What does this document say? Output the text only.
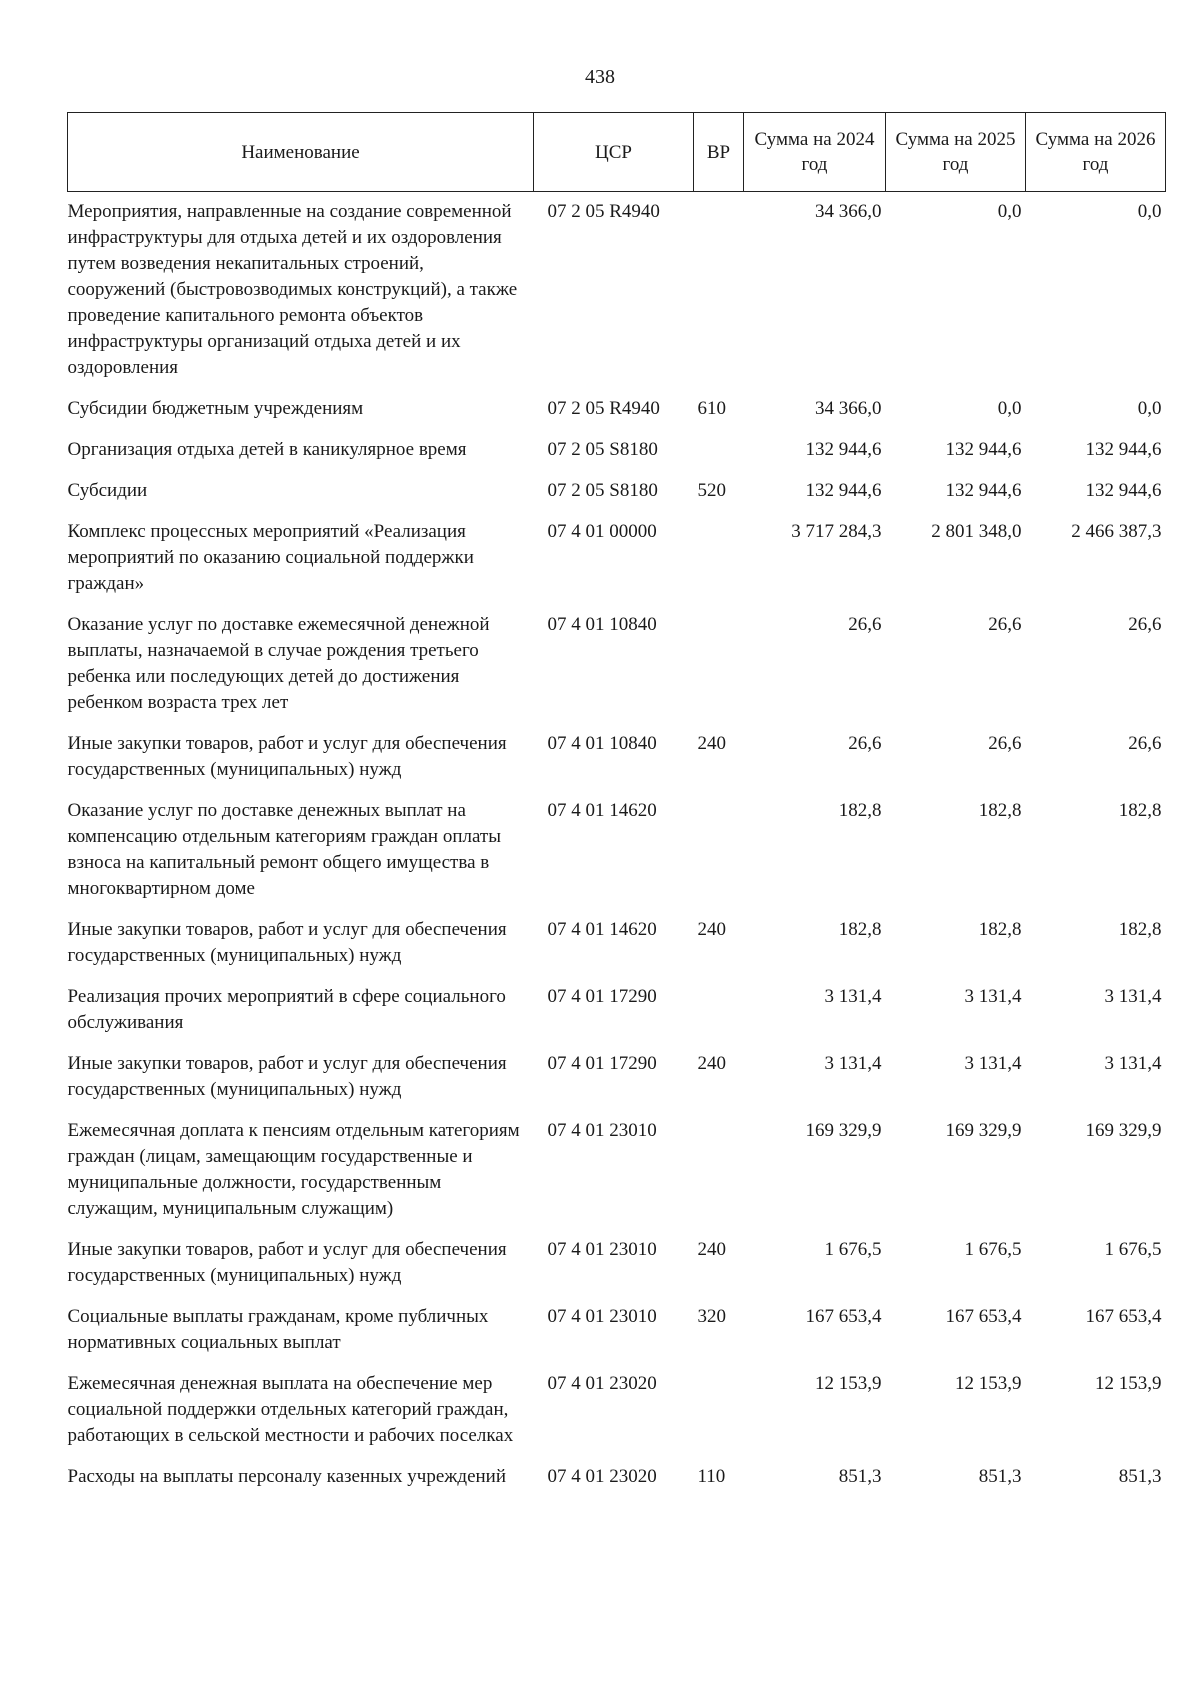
438
Наименование	ЦСР	ВР	Сумма на 2024 год	Сумма на 2025 год	Сумма на 2026 год
Мероприятия, направленные на создание современной инфраструктуры для отдыха детей и их оздоровления путем возведения некапитальных строений, сооружений (быстровозводимых конструкций), а также проведение капитального ремонта объектов инфраструктуры организаций отдыха детей и их оздоровления	07 2 05 R4940		34 366,0	0,0	0,0
Субсидии бюджетным учреждениям	07 2 05 R4940	610	34 366,0	0,0	0,0
Организация отдыха детей в каникулярное время	07 2 05 S8180		132 944,6	132 944,6	132 944,6
Субсидии	07 2 05 S8180	520	132 944,6	132 944,6	132 944,6
Комплекс процессных мероприятий «Реализация мероприятий по оказанию социальной поддержки граждан»	07 4 01 00000		3 717 284,3	2 801 348,0	2 466 387,3
Оказание услуг по доставке ежемесячной денежной выплаты, назначаемой в случае рождения третьего ребенка или последующих детей до достижения ребенком возраста трех лет	07 4 01 10840		26,6	26,6	26,6
Иные закупки товаров, работ и услуг для обеспечения государственных (муниципальных) нужд	07 4 01 10840	240	26,6	26,6	26,6
Оказание услуг по доставке денежных выплат на компенсацию отдельным категориям граждан оплаты взноса на капитальный ремонт общего имущества в многоквартирном доме	07 4 01 14620		182,8	182,8	182,8
Иные закупки товаров, работ и услуг для обеспечения государственных (муниципальных) нужд	07 4 01 14620	240	182,8	182,8	182,8
Реализация прочих мероприятий в сфере социального обслуживания	07 4 01 17290		3 131,4	3 131,4	3 131,4
Иные закупки товаров, работ и услуг для обеспечения государственных (муниципальных) нужд	07 4 01 17290	240	3 131,4	3 131,4	3 131,4
Ежемесячная доплата к пенсиям отдельным категориям граждан (лицам, замещающим государственные и муниципальные должности, государственным служащим, муниципальным служащим)	07 4 01 23010		169 329,9	169 329,9	169 329,9
Иные закупки товаров, работ и услуг для обеспечения государственных (муниципальных) нужд	07 4 01 23010	240	1 676,5	1 676,5	1 676,5
Социальные выплаты гражданам, кроме публичных нормативных социальных выплат	07 4 01 23010	320	167 653,4	167 653,4	167 653,4
Ежемесячная денежная выплата на обеспечение мер социальной поддержки отдельных категорий граждан, работающих в сельской местности и рабочих поселках	07 4 01 23020		12 153,9	12 153,9	12 153,9
Расходы на выплаты персоналу казенных учреждений	07 4 01 23020	110	851,3	851,3	851,3
